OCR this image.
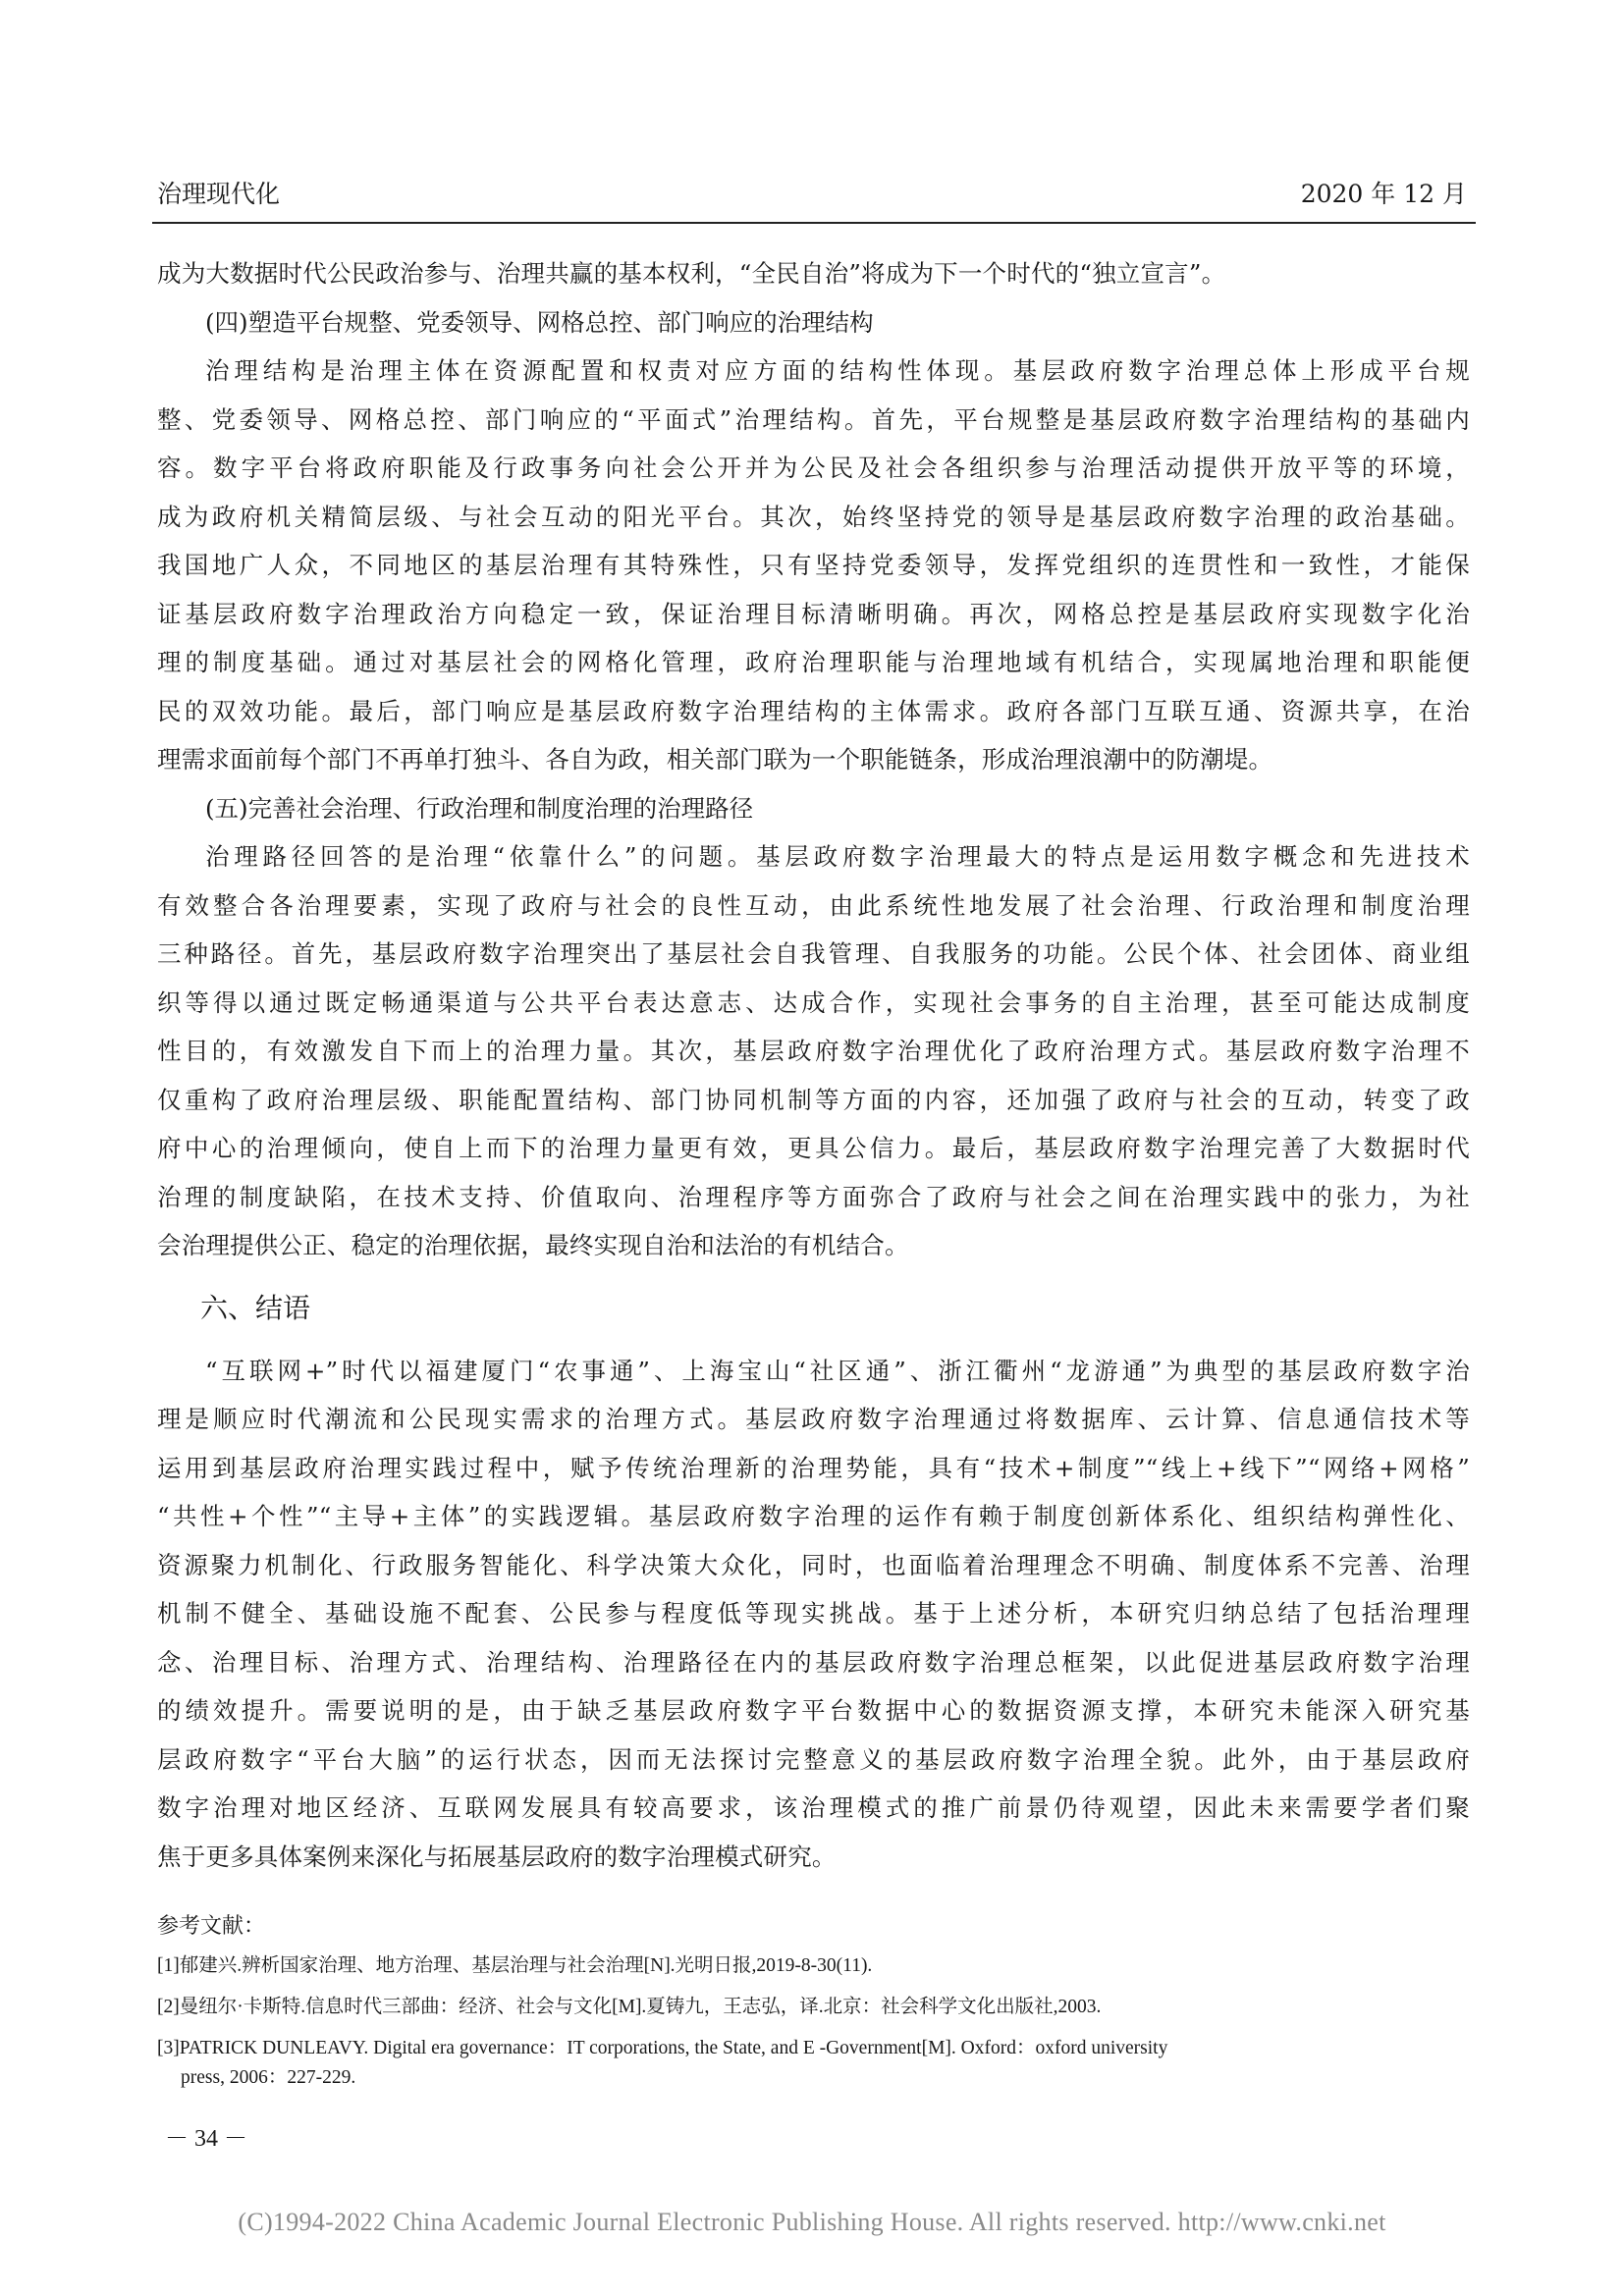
治理现代化	2020 年 12 月
成为大数据时代公民政治参与、治理共赢的基本权利，“全民自治”将成为下一个时代的“独立宣言”。
(四)塑造平台规整、党委领导、网格总控、部门响应的治理结构
治理结构是治理主体在资源配置和权责对应方面的结构性体现。基层政府数字治理总体上形成平台规
整、党委领导、网格总控、部门响应的“平面式”治理结构。首先，平台规整是基层政府数字治理结构的基础内
容。数字平台将政府职能及行政事务向社会公开并为公民及社会各组织参与治理活动提供开放平等的环境，
成为政府机关精简层级、与社会互动的阳光平台。其次，始终坚持党的领导是基层政府数字治理的政治基础。
我国地广人众，不同地区的基层治理有其特殊性，只有坚持党委领导，发挥党组织的连贯性和一致性，才能保
证基层政府数字治理政治方向稳定一致，保证治理目标清晰明确。再次，网格总控是基层政府实现数字化治
理的制度基础。通过对基层社会的网格化管理，政府治理职能与治理地域有机结合，实现属地治理和职能便
民的双效功能。最后，部门响应是基层政府数字治理结构的主体需求。政府各部门互联互通、资源共享，在治
理需求面前每个部门不再单打独斗、各自为政，相关部门联为一个职能链条，形成治理浪潮中的防潮堤。
(五)完善社会治理、行政治理和制度治理的治理路径
治理路径回答的是治理“依靠什么”的问题。基层政府数字治理最大的特点是运用数字概念和先进技术
有效整合各治理要素，实现了政府与社会的良性互动，由此系统性地发展了社会治理、行政治理和制度治理
三种路径。首先，基层政府数字治理突出了基层社会自我管理、自我服务的功能。公民个体、社会团体、商业组
织等得以通过既定畅通渠道与公共平台表达意志、达成合作，实现社会事务的自主治理，甚至可能达成制度
性目的，有效激发自下而上的治理力量。其次，基层政府数字治理优化了政府治理方式。基层政府数字治理不
仅重构了政府治理层级、职能配置结构、部门协同机制等方面的内容，还加强了政府与社会的互动，转变了政
府中心的治理倾向，使自上而下的治理力量更有效，更具公信力。最后，基层政府数字治理完善了大数据时代
治理的制度缺陷，在技术支持、价值取向、治理程序等方面弥合了政府与社会之间在治理实践中的张力，为社
会治理提供公正、稳定的治理依据，最终实现自治和法治的有机结合。
六、结语
“互联网+”时代以福建厦门“农事通”、上海宝山“社区通”、浙江衢州“龙游通”为典型的基层政府数字治
理是顺应时代潮流和公民现实需求的治理方式。基层政府数字治理通过将数据库、云计算、信息通信技术等
运用到基层政府治理实践过程中，赋予传统治理新的治理势能，具有“技术+制度”“线上+线下”“网络+网格”
“共性+个性”“主导+主体”的实践逻辑。基层政府数字治理的运作有赖于制度创新体系化、组织结构弹性化、
资源聚力机制化、行政服务智能化、科学决策大众化，同时，也面临着治理理念不明确、制度体系不完善、治理
机制不健全、基础设施不配套、公民参与程度低等现实挑战。基于上述分析，本研究归纳总结了包括治理理
念、治理目标、治理方式、治理结构、治理路径在内的基层政府数字治理总框架，以此促进基层政府数字治理
的绩效提升。需要说明的是，由于缺乏基层政府数字平台数据中心的数据资源支撑，本研究未能深入研究基
层政府数字“平台大脑”的运行状态，因而无法探讨完整意义的基层政府数字治理全貌。此外，由于基层政府
数字治理对地区经济、互联网发展具有较高要求，该治理模式的推广前景仍待观望，因此未来需要学者们聚
焦于更多具体案例来深化与拓展基层政府的数字治理模式研究。
参考文献：
[1]郁建兴.辨析国家治理、地方治理、基层治理与社会治理[N].光明日报,2019-8-30(11).
[2]曼纽尔·卡斯特.信息时代三部曲：经济、社会与文化[M].夏铸九，王志弘，译.北京：社会科学文化出版社,2003.
[3]PATRICK DUNLEAVY. Digital era governance：IT corporations, the State, and E -Government[M]. Oxford：oxford university
press, 2006：227-229.
－ 34 －
(C)1994-2022 China Academic Journal Electronic Publishing House. All rights reserved. http://www.cnki.net
